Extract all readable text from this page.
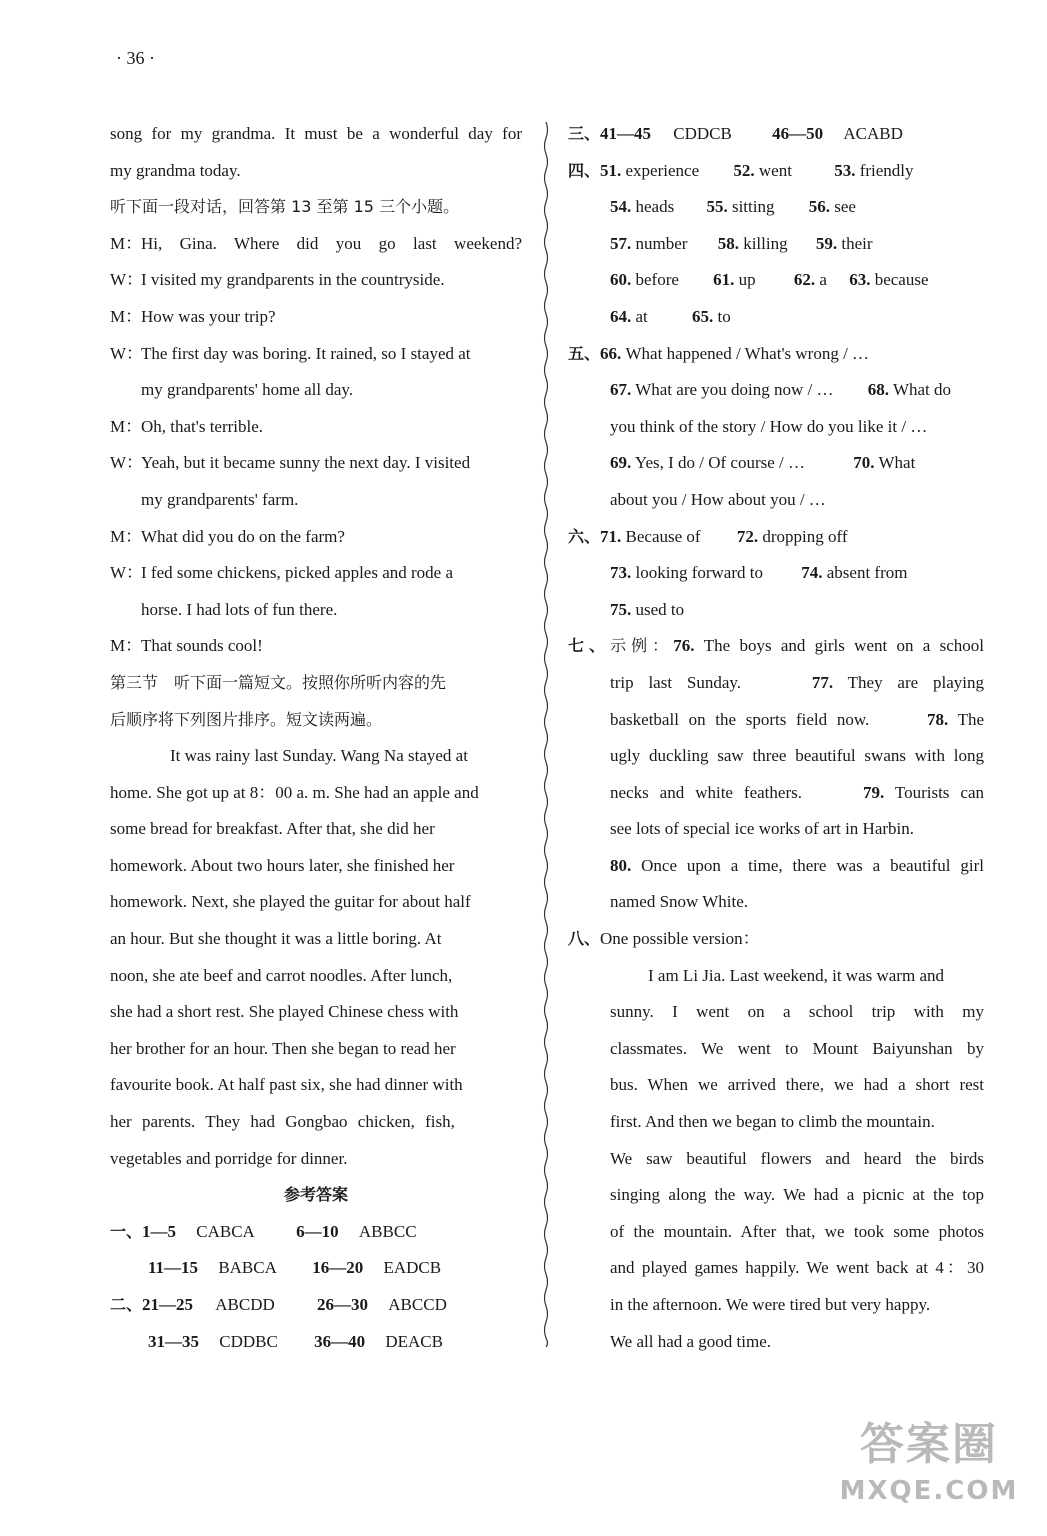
· 36 ·
song for my grandma. It must be a wonderful day for
my grandma today.
听下面一段对话，回答第 13 至第 15 三个小题。
M：Hi, Gina. Where did you go last weekend?
W：I visited my grandparents in the countryside.
M：How was your trip?
W：The first day was boring. It rained, so I stayed at
my grandparents' home all day.
M：Oh, that's terrible.
W：Yeah, but it became sunny the next day. I visited
my grandparents' farm.
M：What did you do on the farm?
W：I fed some chickens, picked apples and rode a
horse. I had lots of fun there.
M：That sounds cool!
第三节　听下面一篇短文。按照你所听内容的先
后顺序将下列图片排序。短文读两遍。
It was rainy last Sunday. Wang Na stayed at
home. She got up at 8：00 a. m. She had an apple and
some bread for breakfast. After that, she did her
homework. About two hours later, she finished her
homework. Next, she played the guitar for about half
an hour. But she thought it was a little boring. At
noon, she ate beef and carrot noodles. After lunch,
she had a short rest. She played Chinese chess with
her brother for an hour. Then she began to read her
favourite book. At half past six, she had dinner with
her parents. They had Gongbao chicken, fish,
vegetables and porridge for dinner.
参考答案
一、1—5 CABCA 6—10 ABBCC
11—15 BABCA 16—20 EADCB
二、21—25 ABCDD 26—30 ABCCD
31—35 CDDBC 36—40 DEACB
三、41—45 CDDCB 46—50 ACABD
四、51. experience 52. went 53. friendly
54. heads 55. sitting 56. see
57. number 58. killing 59. their
60. before 61. up 62. a 63. because
64. at	65. to
五、66. What happened / What's wrong / …
67. What are you doing now / … 68. What do
you think of the story / How do you like it / …
69. Yes, I do / Of course / …	70. What
about you / How about you / …
六、71. Because of 72. dropping off
73. looking forward to 74. absent from
75. used to
七、示例：76. The boys and girls went on a school
trip last Sunday.	77. They are playing
basketball on the sports field now.	78. The
ugly duckling saw three beautiful swans with long
necks and white feathers.	79. Tourists can
see lots of special ice works of art in Harbin.
80. Once upon a time, there was a beautiful girl
named Snow White.
八、One possible version：
I am Li Jia. Last weekend, it was warm and
sunny. I went on a school trip with my
classmates. We went to Mount Baiyunshan by
bus. When we arrived there, we had a short rest
first. And then we began to climb the mountain.
We saw beautiful flowers and heard the birds
singing along the way. We had a picnic at the top
of the mountain. After that, we took some photos
and played games happily. We went back at 4：30
in the afternoon. We were tired but very happy.
We all had a good time.
答案圈
MXQE.COM
